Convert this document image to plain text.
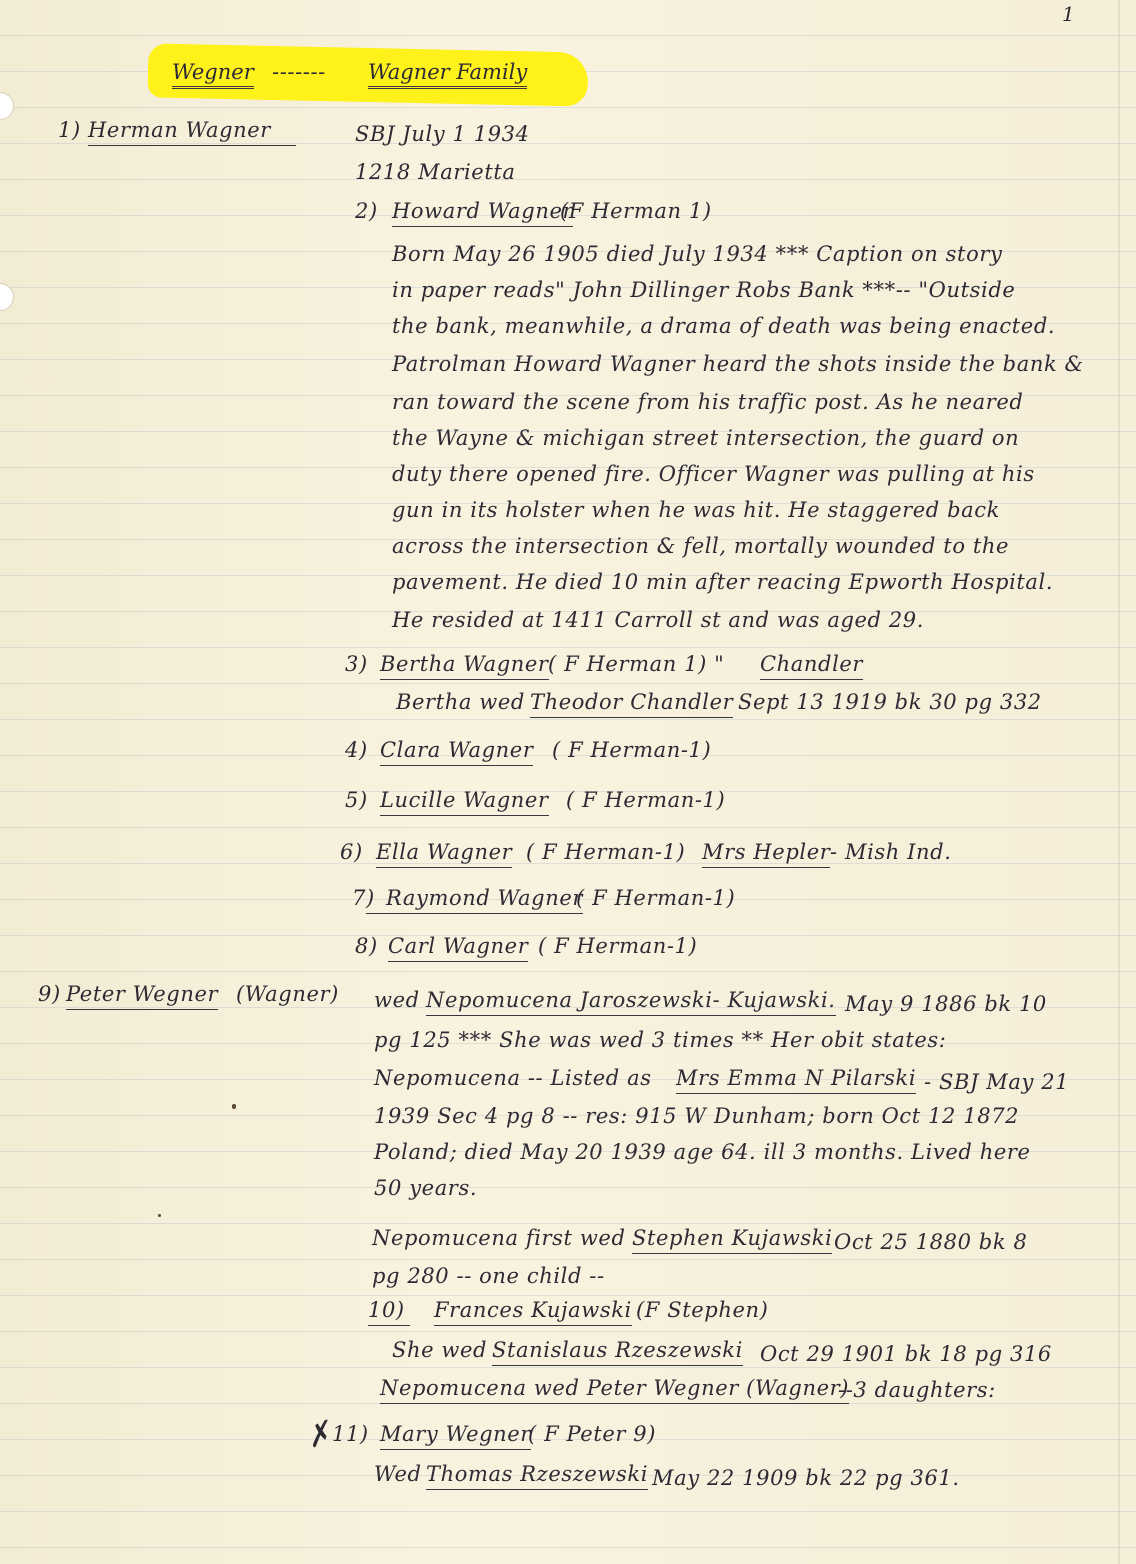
1
Wegner ------- Wagner Family
1) Herman Wagner	SBJ July 1 1934
1218 Marietta
2) Howard Wagner
(F Herman 1)
Born May 26 1905 died July 1934 *** Caption on story
in paper reads" John Dillinger Robs Bank ***-- "Outside
the bank, meanwhile, a drama of death was being enacted.
Patrolman Howard Wagner heard the shots inside the bank &
ran toward the scene from his traffic post. As he neared
the Wayne & michigan street intersection, the guard on
duty there opened fire. Officer Wagner was pulling at his
gun in its holster when he was hit. He staggered back
across the intersection & fell, mortally wounded to the
pavement. He died 10 min after reacing Epworth Hospital.
He resided at 1411 Carroll st and was aged 29.
3) Bertha Wagner ( F Herman 1) " Chandler
Bertha wed Theodor Chandler Sept 13 1919 bk 30 pg 332
4) Clara Wagner ( F Herman-1)
5) Lucille Wagner ( F Herman-1)
6) Ella Wagner ( F Herman-1) Mrs Hepler - Mish Ind.
7) Raymond Wagner
( F Herman-1)
8) Carl Wagner ( F Herman-1)
9) Peter Wegner (Wagner) wed Nepomucena Jaroszewski- Kujawski. May 9 1886 bk 10
pg 125 *** She was wed 3 times ** Her obit states:
Nepomucena -- Listed as Mrs Emma N Pilarski - SBJ May 21
1939 Sec 4 pg 8 -- res: 915 W Dunham; born Oct 12 1872
Poland; died May 20 1939 age 64. ill 3 months. Lived here
50 years.
Nepomucena first wed Stephen Kujawski Oct 25 1880 bk 8
pg 280 -- one child --
10) Frances Kujawski (F Stephen)
She wed Stanislaus Rzeszewski Oct 29 1901 bk 18 pg 316
Nepomucena wed Peter Wegner (Wagner)
--3 daughters:
✗
11) Mary Wegner
( F Peter 9)
Wed Thomas Rzeszewski May 22 1909 bk 22 pg 361.
